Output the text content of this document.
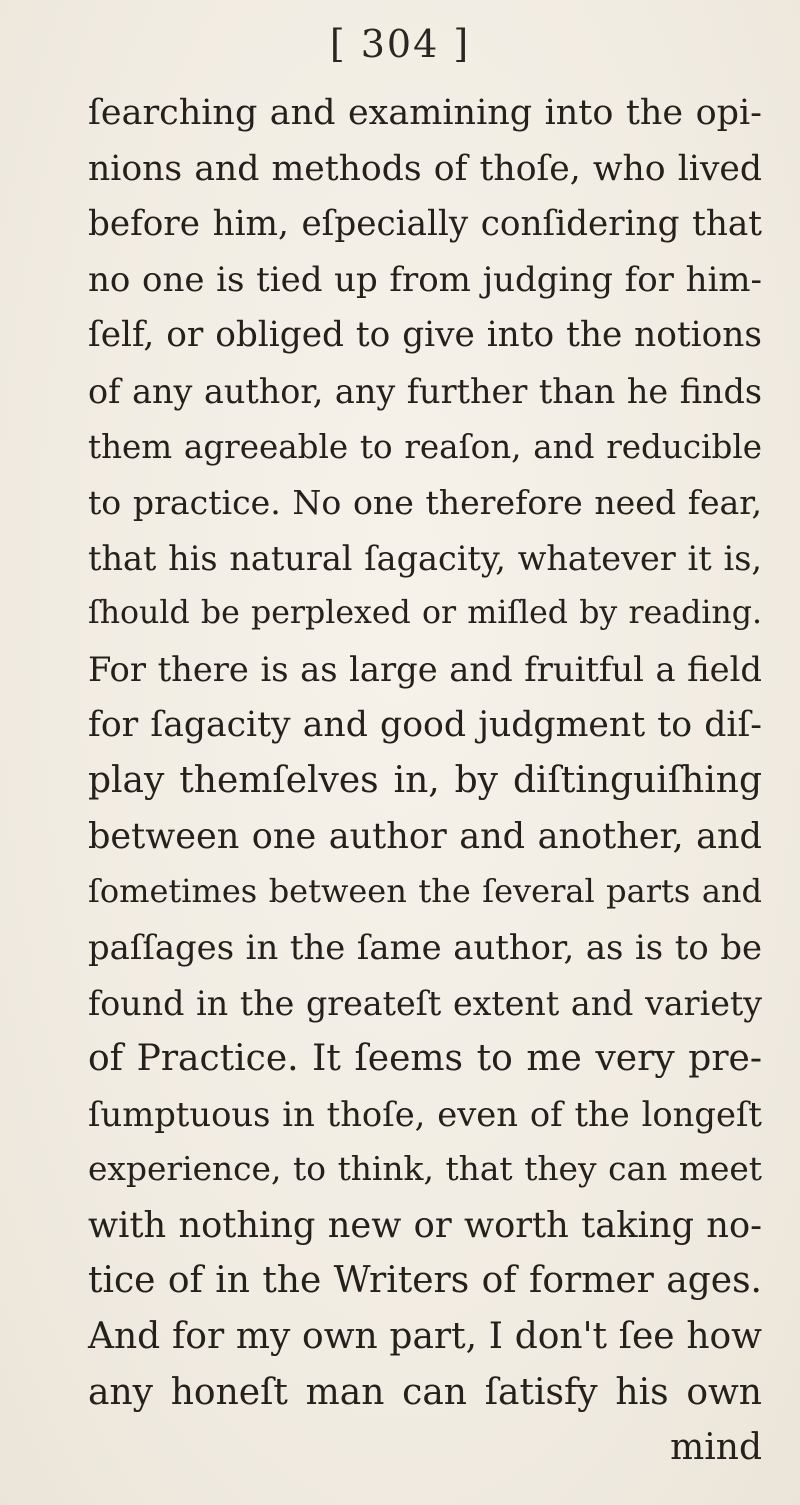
[ 304 ]
ſearching and examining into the opi-
nions and methods of thoſe, who lived
before him, eſpecially conſidering that
no one is tied up from judging for him-
ſelf, or obliged to give into the notions
of any author, any further than he finds
them agreeable to reaſon, and reducible
to practice. No one therefore need fear,
that his natural ſagacity, whatever it is,
ſhould be perplexed or miſled by reading.
For there is as large and fruitful a field
for ſagacity and good judgment to diſ-
play themſelves in, by diſtinguiſhing
between one author and another, and
ſometimes between the ſeveral parts and
paſſages in the ſame author, as is to be
found in the greateſt extent and variety
of Practice. It ſeems to me very pre-
ſumptuous in thoſe, even of the longeſt
experience, to think, that they can meet
with nothing new or worth taking no-
tice of in the Writers of former ages.
And for my own part, I don't ſee how
any honeſt man can ſatisfy his own
mind
